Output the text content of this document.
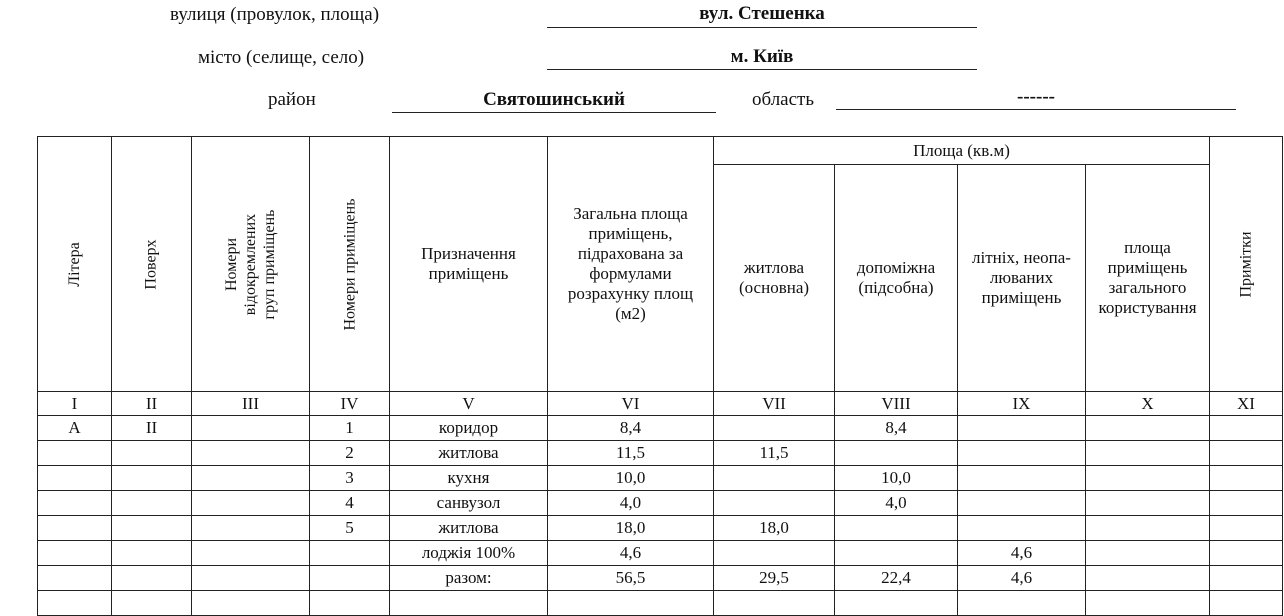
вулиця (провулок, площа)	вул. Стешенка
місто (селище, село)	м. Київ
район	Святошинський	область	------
Літера	Поверх	Номери відокремлених груп приміщень	Номери приміщень	Призначення приміщень	Загальна площа приміщень, підрахована за формулами розрахунку площ (м2)	Площа (кв.м)				Примітки

						житлова (основна)	допоміжна (підсобна)	літніх, неопа-люваних приміщень	площа приміщень загального користування	

I	II	III	IV	V	VI	VII	VIII	IX	X	XI
А	II		1	коридор	8,4		8,4			
			2	житлова	11,5	11,5				
			3	кухня	10,0		10,0			
			4	санвузол	4,0		4,0			
			5	житлова	18,0	18,0				
				лоджія 100%	4,6			4,6		
				разом:	56,5	29,5	22,4	4,6		
